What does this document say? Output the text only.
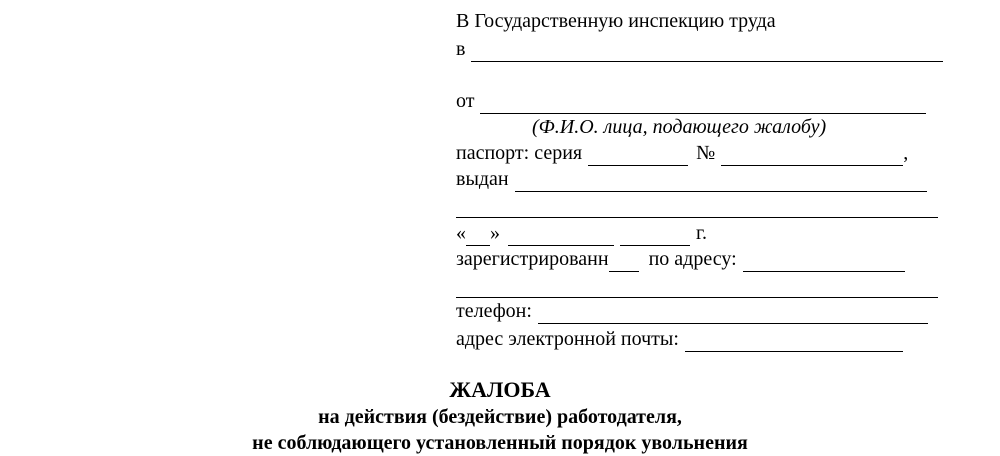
В Государственную инспекцию труда
в
от
(Ф.И.О. лица, подающего жалобу)
паспорт: серия	№	,
выдан
« »	г.
зарегистрированн по адресу:
телефон:
адрес электронной почты:
ЖАЛОБА
на действия (бездействие) работодателя,
не соблюдающего установленный порядок увольнения
